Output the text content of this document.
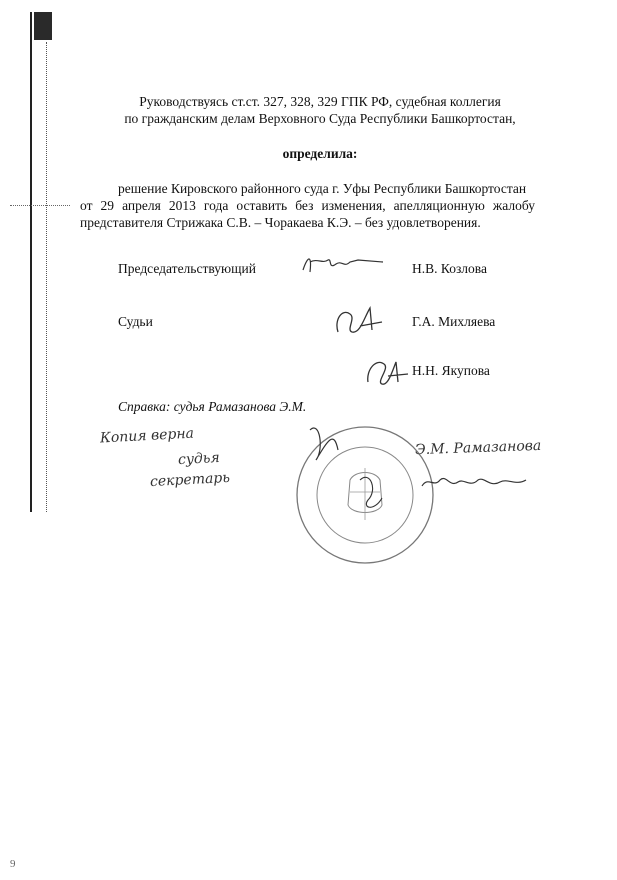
Руководствуясь ст.ст. 327, 328, 329 ГПК РФ, судебная коллегия
по гражданским делам Верховного Суда Республики Башкортостан,
определила:
решение Кировского районного суда г. Уфы Республики Башкортостан
от 29 апреля 2013 года оставить без изменения, апелляционную жалобу
представителя Стрижака С.В. – Чоракаева К.Э. – без удовлетворения.
Председательствующий	Н.В. Козлова
Судьи	Г.А. Михляева
Н.Н. Якупова
Справка: судья Рамазанова Э.М.
Копия верна
судья
секретарь
Э.М. Рамазанова
9
